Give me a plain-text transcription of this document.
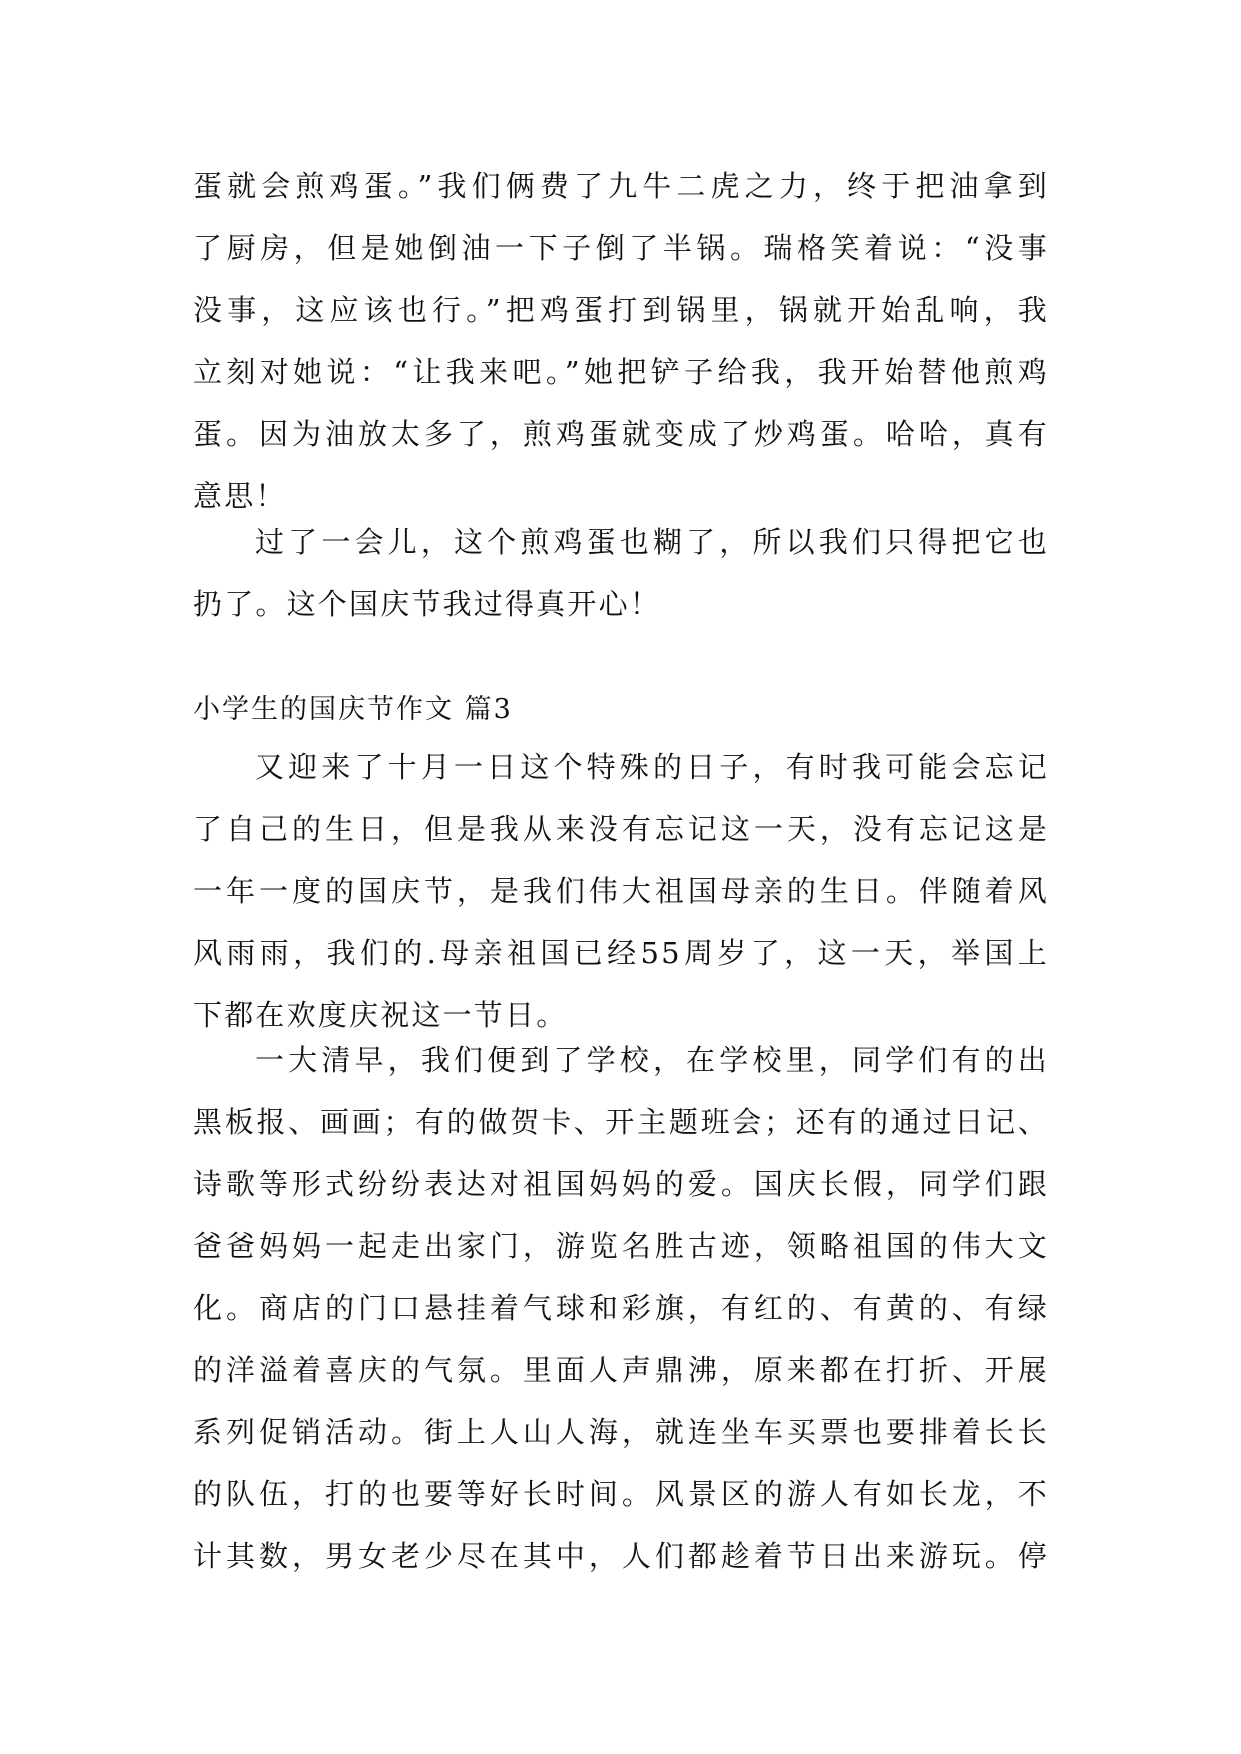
蛋就会煎鸡蛋。”我们俩费了九牛二虎之力，终于把油拿到
了厨房，但是她倒油一下子倒了半锅。瑞格笑着说：“没事
没事，这应该也行。”把鸡蛋打到锅里，锅就开始乱响，我
立刻对她说：“让我来吧。”她把铲子给我，我开始替他煎鸡
蛋。因为油放太多了，煎鸡蛋就变成了炒鸡蛋。哈哈，真有
意思！
过了一会儿，这个煎鸡蛋也糊了，所以我们只得把它也
扔了。这个国庆节我过得真开心！
小学生的国庆节作文 篇3
又迎来了十月一日这个特殊的日子，有时我可能会忘记
了自己的生日，但是我从来没有忘记这一天，没有忘记这是
一年一度的国庆节，是我们伟大祖国母亲的生日。伴随着风
风雨雨，我们的.母亲祖国已经55周岁了，这一天，举国上
下都在欢度庆祝这一节日。
一大清早，我们便到了学校，在学校里，同学们有的出
黑板报、画画；有的做贺卡、开主题班会；还有的通过日记、
诗歌等形式纷纷表达对祖国妈妈的爱。国庆长假，同学们跟
爸爸妈妈一起走出家门，游览名胜古迹，领略祖国的伟大文
化。商店的门口悬挂着气球和彩旗，有红的、有黄的、有绿
的洋溢着喜庆的气氛。里面人声鼎沸，原来都在打折、开展
系列促销活动。街上人山人海，就连坐车买票也要排着长长
的队伍，打的也要等好长时间。风景区的游人有如长龙，不
计其数，男女老少尽在其中，人们都趁着节日出来游玩。停
